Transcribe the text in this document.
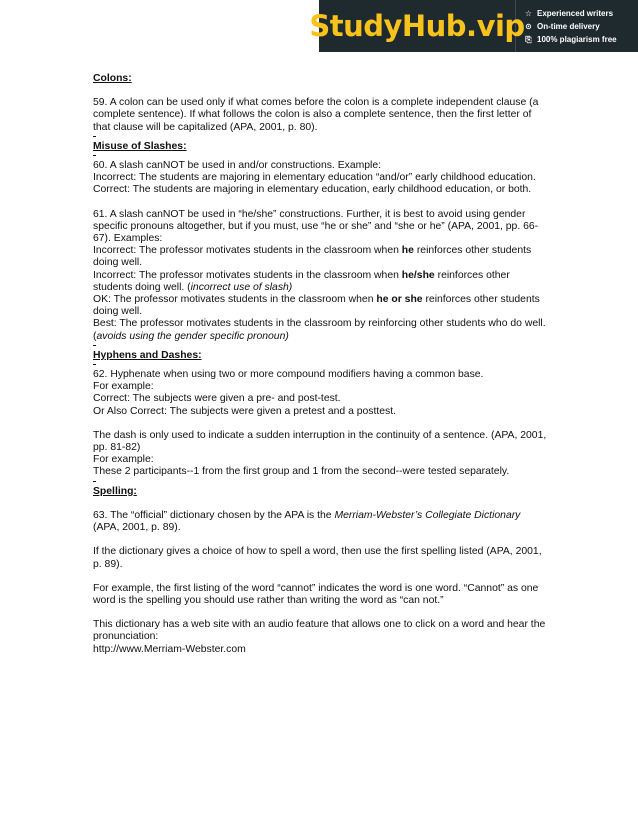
StudyHub.vip ☆ Experienced writers
⊙ On-time delivery
⎘ 100% plagiarism free

Colons:

59. A colon can be used only if what comes before the colon is a complete independent clause (a complete sentence). If what follows the colon is also a complete sentence, then the first letter of that clause will be capitalized (APA, 2001, p. 80).

Misuse of Slashes:

60. A slash canNOT be used in and/or constructions. Example:

Incorrect: The students are majoring in elementary education “and/or” early childhood education.

Correct: The students are majoring in elementary education, early childhood education, or both.

61. A slash canNOT be used in “he/she” constructions. Further, it is best to avoid using gender specific pronouns altogether, but if you must, use “he or she” and “she or he” (APA, 2001, pp. 66-67). Examples:

Incorrect: The professor motivates students in the classroom when he reinforces other students doing well.

Incorrect: The professor motivates students in the classroom when he/she reinforces other students doing well. (incorrect use of slash)

OK: The professor motivates students in the classroom when he or she reinforces other students doing well.

Best: The professor motivates students in the classroom by reinforcing other students who do well. (avoids using the gender specific pronoun)

Hyphens and Dashes:

62. Hyphenate when using two or more compound modifiers having a common base.

For example:

Correct: The subjects were given a pre- and post-test.

Or Also Correct: The subjects were given a pretest and a posttest.

The dash is only used to indicate a sudden interruption in the continuity of a sentence. (APA, 2001, pp. 81-82)

For example:

These 2 participants--1 from the first group and 1 from the second--were tested separately.

Spelling:

63. The “official” dictionary chosen by the APA is the Merriam-Webster’s Collegiate Dictionary (APA, 2001, p. 89).

If the dictionary gives a choice of how to spell a word, then use the first spelling listed (APA, 2001, p. 89).

For example, the first listing of the word “cannot” indicates the word is one word. “Cannot” as one word is the spelling you should use rather than writing the word as “can not.”

This dictionary has a web site with an audio feature that allows one to click on a word and hear the pronunciation:

http://www.Merriam-Webster.com
